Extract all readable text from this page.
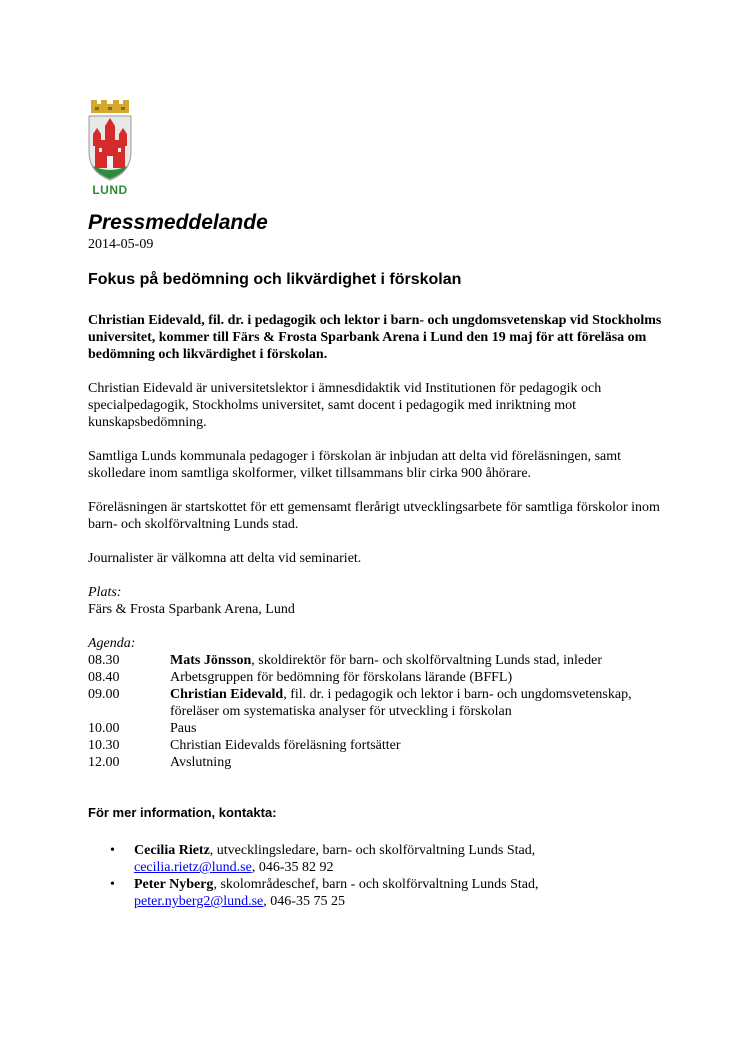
LUND
Pressmeddelande
2014-05-09
Fokus på bedömning och likvärdighet i förskolan

Christian Eidevald, fil. dr. i pedagogik och lektor i barn- och ungdomsvetenskap vid Stockholms universitet, kommer till Färs & Frosta Sparbank Arena i Lund den 19 maj för att föreläsa om bedömning och likvärdighet i förskolan.

Christian Eidevald är universitetslektor i ämnesdidaktik vid Institutionen för pedagogik och specialpedagogik, Stockholms universitet, samt docent i pedagogik med inriktning mot kunskapsbedömning.

Samtliga Lunds kommunala pedagoger i förskolan är inbjudan att delta vid föreläsningen, samt skolledare inom samtliga skolformer, vilket tillsammans blir cirka 900 åhörare.

Föreläsningen är startskottet för ett gemensamt flerårigt utvecklingsarbete för samtliga förskolor inom barn- och skolförvaltning Lunds stad.

Journalister är välkomna att delta vid seminariet.

Plats:

Färs & Frosta Sparbank Arena, Lund

Agenda:

08.30	Mats Jönsson, skoldirektör för barn- och skolförvaltning Lunds stad, inleder
08.40	Arbetsgruppen för bedömning för förskolans lärande (BFFL)
09.00	Christian Eidevald, fil. dr. i pedagogik och lektor i barn- och ungdomsvetenskap, föreläser om systematiska analyser för utveckling i förskolan
10.00	Paus
10.30	Christian Eidevalds föreläsning fortsätter
12.00	Avslutning
För mer information, kontakta:
• Cecilia Rietz, utvecklingsledare, barn- och skolförvaltning Lunds Stad,
cecilia.rietz@lund.se, 046-35 82 92
• Peter Nyberg, skolområdeschef, barn - och skolförvaltning Lunds Stad,
peter.nyberg2@lund.se, 046-35 75 25
